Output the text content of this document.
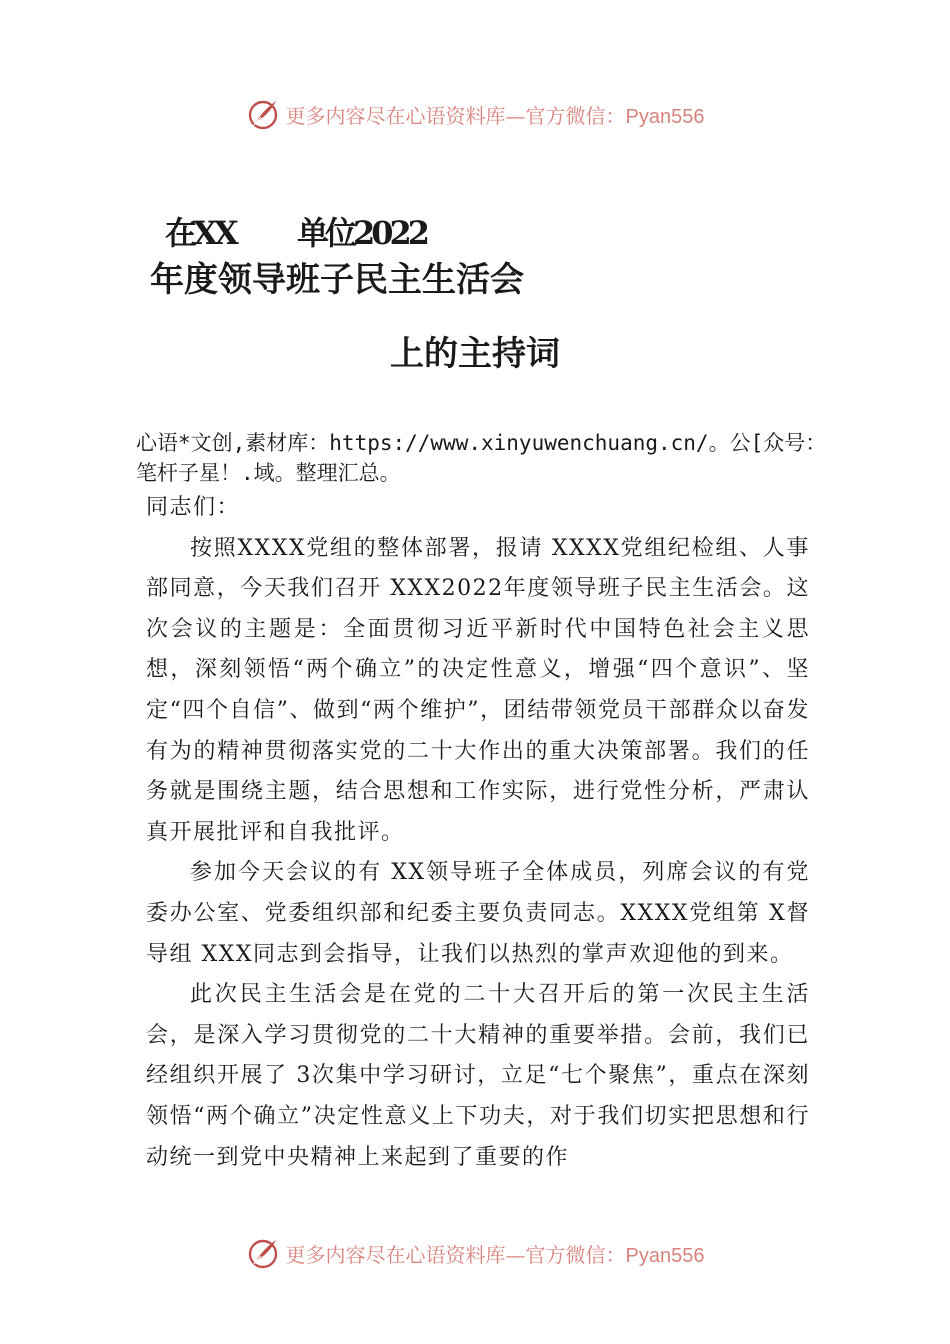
更多内容尽在心语资料库—官方微信：Pyan556
在XX 单位2022
年度领导班子民主生活会
上的主持词
心语*文创,素材库：https://www.xinyuwenchuang.cn/。公[众号：笔杆子星！.域。整理汇总。

同志们：

按照XXXX党组的整体部署，报请 XXXX党组纪检组、人事部同意，今天我们召开 XXX2022年度领导班子民主生活会。这次会议的主题是：全面贯彻习近平新时代中国特色社会主义思想，深刻领悟“两个确立”的决定性意义，增强“四个意识”、坚定“四个自信”、做到“两个维护”，团结带领党员干部群众以奋发有为的精神贯彻落实党的二十大作出的重大决策部署。我们的任务就是围绕主题，结合思想和工作实际，进行党性分析，严肃认真开展批评和自我批评。

参加今天会议的有 XX领导班子全体成员，列席会议的有党委办公室、党委组织部和纪委主要负责同志。XXXX党组第 X督导组 XXX同志到会指导，让我们以热烈的掌声欢迎他的到来。

此次民主生活会是在党的二十大召开后的第一次民主生活会，是深入学习贯彻党的二十大精神的重要举措。会前，我们已经组织开展了 3次集中学习研讨，立足“七个聚焦”，重点在深刻领悟“两个确立”决定性意义上下功夫，对于我们切实把思想和行动统一到党中央精神上来起到了重要的作

更多内容尽在心语资料库—官方微信：Pyan556
